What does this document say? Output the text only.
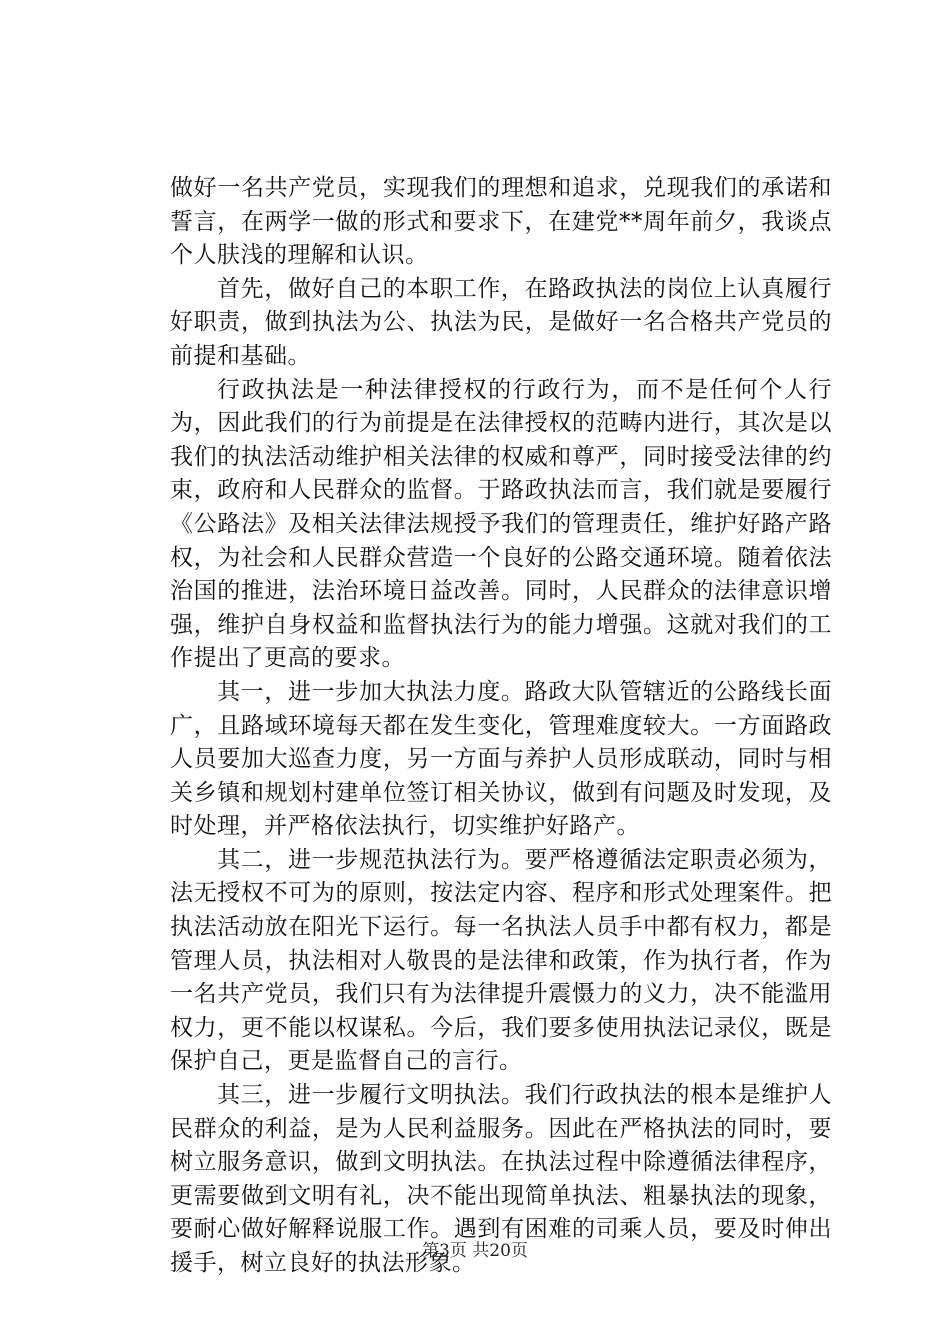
做好一名共产党员，实现我们的理想和追求，兑现我们的承诺和誓言，在两学一做的形式和要求下，在建党**周年前夕，我谈点个人肤浅的理解和认识。

首先，做好自己的本职工作，在路政执法的岗位上认真履行好职责，做到执法为公、执法为民，是做好一名合格共产党员的前提和基础。

行政执法是一种法律授权的行政行为，而不是任何个人行为，因此我们的行为前提是在法律授权的范畴内进行，其次是以我们的执法活动维护相关法律的权威和尊严，同时接受法律的约束，政府和人民群众的监督。于路政执法而言，我们就是要履行《公路法》及相关法律法规授予我们的管理责任，维护好路产路权，为社会和人民群众营造一个良好的公路交通环境。随着依法治国的推进，法治环境日益改善。同时，人民群众的法律意识增强，维护自身权益和监督执法行为的能力增强。这就对我们的工作提出了更高的要求。

其一，进一步加大执法力度。路政大队管辖近的公路线长面广，且路域环境每天都在发生变化，管理难度较大。一方面路政人员要加大巡查力度，另一方面与养护人员形成联动，同时与相关乡镇和规划村建单位签订相关协议，做到有问题及时发现，及时处理，并严格依法执行，切实维护好路产。

其二，进一步规范执法行为。要严格遵循法定职责必须为，法无授权不可为的原则，按法定内容、程序和形式处理案件。把执法活动放在阳光下运行。每一名执法人员手中都有权力，都是管理人员，执法相对人敬畏的是法律和政策，作为执行者，作为一名共产党员，我们只有为法律提升震慑力的义力，决不能滥用权力，更不能以权谋私。今后，我们要多使用执法记录仪，既是保护自己，更是监督自己的言行。

其三，进一步履行文明执法。我们行政执法的根本是维护人民群众的利益，是为人民利益服务。因此在严格执法的同时，要树立服务意识，做到文明执法。在执法过程中除遵循法律程序，更需要做到文明有礼，决不能出现简单执法、粗暴执法的现象，要耐心做好解释说服工作。遇到有困难的司乘人员，要及时伸出援手，树立良好的执法形象。

第3页 共20页
